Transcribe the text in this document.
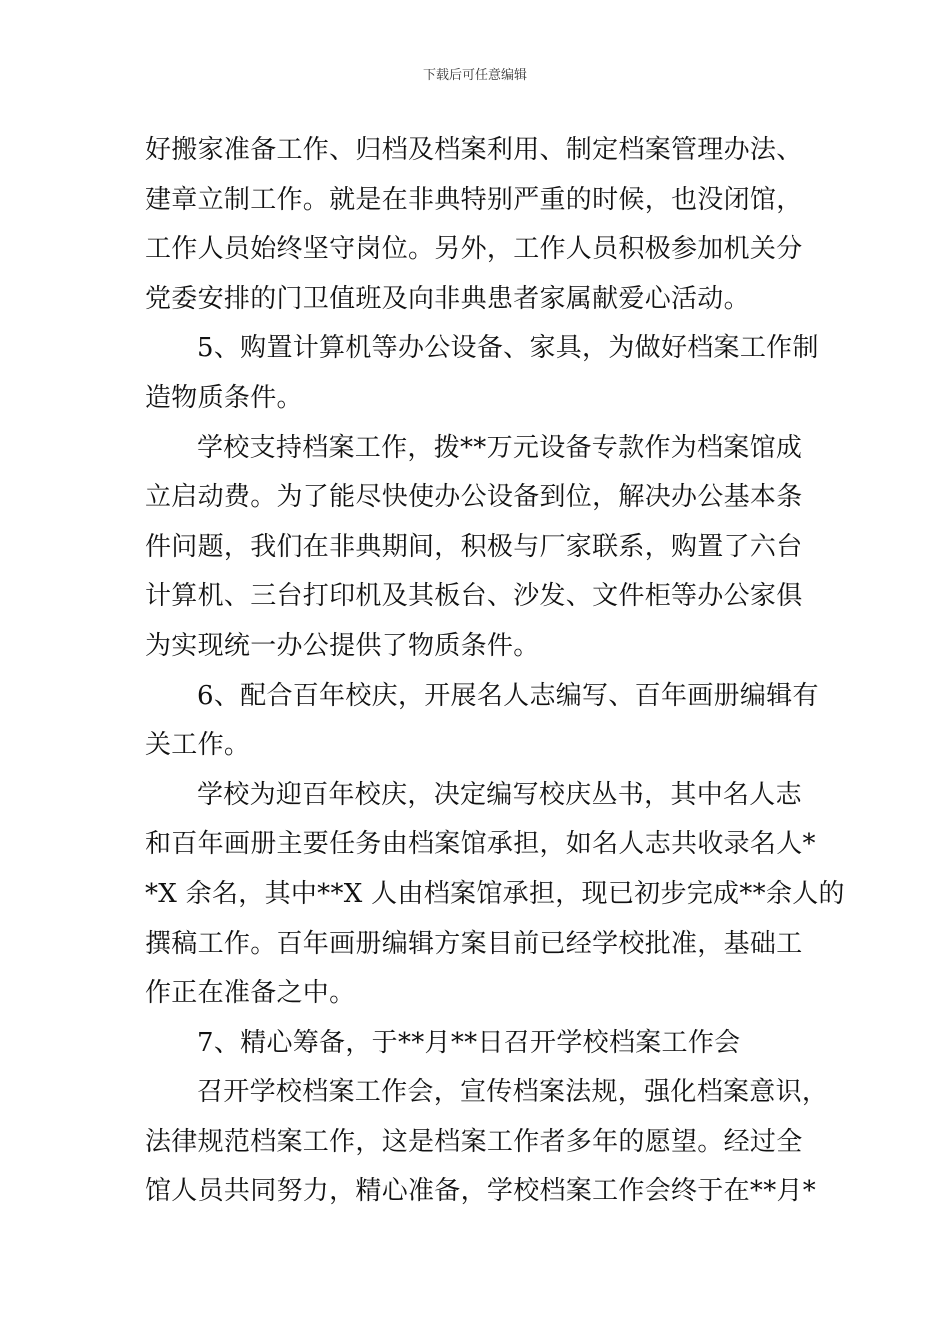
下载后可任意编辑
好搬家准备工作、归档及档案利用、制定档案管理办法、
建章立制工作。就是在非典特别严重的时候，也没闭馆，
工作人员始终坚守岗位。另外，工作人员积极参加机关分
党委安排的门卫值班及向非典患者家属献爱心活动。
5、购置计算机等办公设备、家具，为做好档案工作制
造物质条件。
学校支持档案工作，拨**万元设备专款作为档案馆成
立启动费。为了能尽快使办公设备到位，解决办公基本条
件问题，我们在非典期间，积极与厂家联系，购置了六台
计算机、三台打印机及其板台、沙发、文件柜等办公家俱
为实现统一办公提供了物质条件。
6、配合百年校庆，开展名人志编写、百年画册编辑有
关工作。
学校为迎百年校庆，决定编写校庆丛书，其中名人志
和百年画册主要任务由档案馆承担，如名人志共收录名人*
*X 余名，其中**X 人由档案馆承担，现已初步完成**余人的
撰稿工作。百年画册编辑方案目前已经学校批准，基础工
作正在准备之中。
7、精心筹备，于**月**日召开学校档案工作会
召开学校档案工作会，宣传档案法规，强化档案意识，
法律规范档案工作，这是档案工作者多年的愿望。经过全
馆人员共同努力，精心准备，学校档案工作会终于在**月*
